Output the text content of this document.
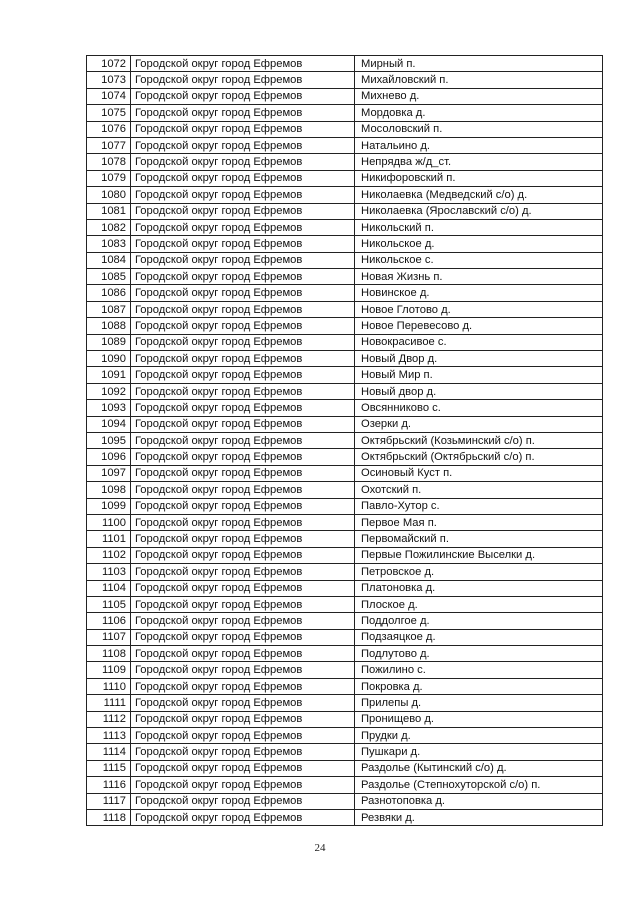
1072	Городской округ город Ефремов	Мирный п.
1073	Городской округ город Ефремов	Михайловский п.
1074	Городской округ город Ефремов	Михнево д.
1075	Городской округ город Ефремов	Мордовка д.
1076	Городской округ город Ефремов	Мосоловский п.
1077	Городской округ город Ефремов	Натальино д.
1078	Городской округ город Ефремов	Непрядва ж/д_ст.
1079	Городской округ город Ефремов	Никифоровский п.
1080	Городской округ город Ефремов	Николаевка (Медведский с/о) д.
1081	Городской округ город Ефремов	Николаевка (Ярославский с/о) д.
1082	Городской округ город Ефремов	Никольский п.
1083	Городской округ город Ефремов	Никольское д.
1084	Городской округ город Ефремов	Никольское с.
1085	Городской округ город Ефремов	Новая Жизнь п.
1086	Городской округ город Ефремов	Новинское д.
1087	Городской округ город Ефремов	Новое Глотово д.
1088	Городской округ город Ефремов	Новое Перевесово д.
1089	Городской округ город Ефремов	Новокрасивое с.
1090	Городской округ город Ефремов	Новый Двор д.
1091	Городской округ город Ефремов	Новый Мир п.
1092	Городской округ город Ефремов	Новый двор д.
1093	Городской округ город Ефремов	Овсянниково с.
1094	Городской округ город Ефремов	Озерки д.
1095	Городской округ город Ефремов	Октябрьский (Козьминский с/о) п.
1096	Городской округ город Ефремов	Октябрьский (Октябрьский с/о) п.
1097	Городской округ город Ефремов	Осиновый Куст п.
1098	Городской округ город Ефремов	Охотский п.
1099	Городской округ город Ефремов	Павло-Хутор с.
1100	Городской округ город Ефремов	Первое Мая п.
1101	Городской округ город Ефремов	Первомайский п.
1102	Городской округ город Ефремов	Первые Пожилинские Выселки д.
1103	Городской округ город Ефремов	Петровское д.
1104	Городской округ город Ефремов	Платоновка д.
1105	Городской округ город Ефремов	Плоское д.
1106	Городской округ город Ефремов	Поддолгое д.
1107	Городской округ город Ефремов	Подзаяцкое д.
1108	Городской округ город Ефремов	Подлутово д.
1109	Городской округ город Ефремов	Пожилино с.
1110	Городской округ город Ефремов	Покровка д.
1111	Городской округ город Ефремов	Прилепы д.
1112	Городской округ город Ефремов	Пронищево д.
1113	Городской округ город Ефремов	Прудки д.
1114	Городской округ город Ефремов	Пушкари д.
1115	Городской округ город Ефремов	Раздолье (Кытинский с/о) д.
1116	Городской округ город Ефремов	Раздолье (Степнохуторской с/о) п.
1117	Городской округ город Ефремов	Разнотоповка д.
1118	Городской округ город Ефремов	Резвяки д.
24
